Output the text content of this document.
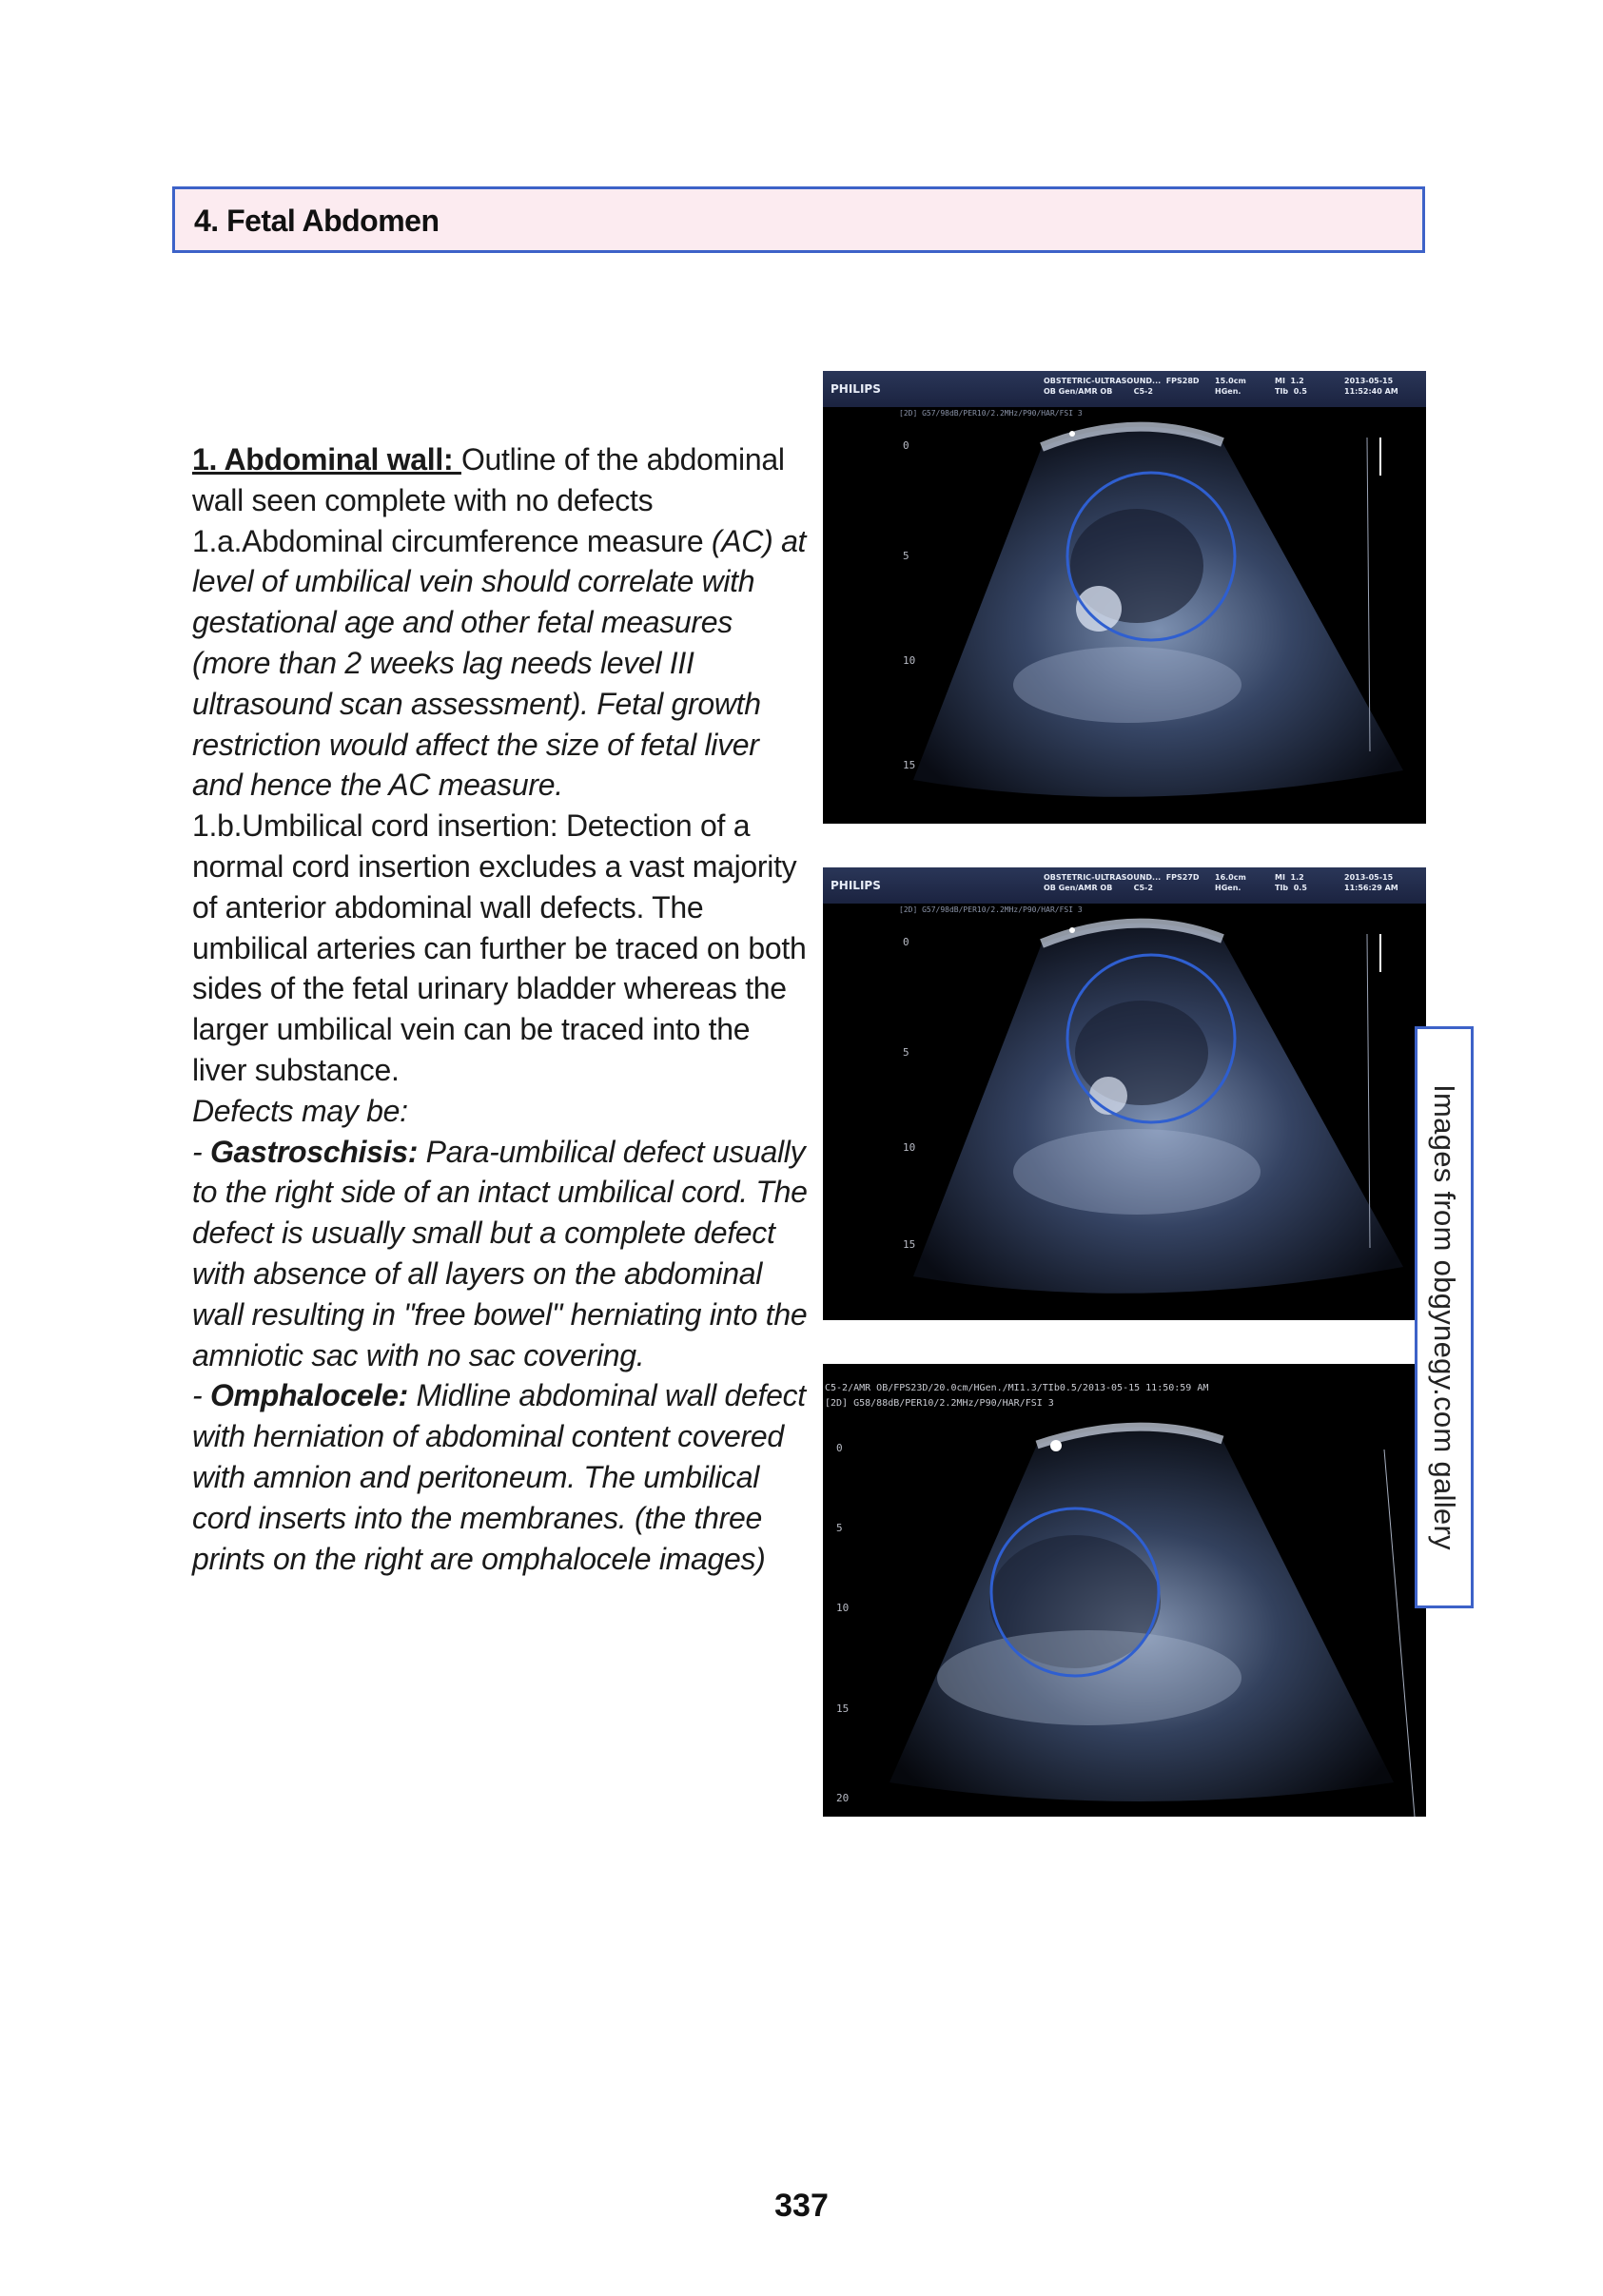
4. Fetal Abdomen

1. Abdominal wall: Outline of the abdominal wall seen complete with no defects

1.a.Abdominal circumference measure (AC) at level of umbilical vein should correlate with gestational age and other fetal measures (more than 2 weeks lag needs level III ultrasound scan assessment). Fetal growth restriction would affect the size of fetal liver and hence the AC measure.

1.b.Umbilical cord insertion: Detection of a normal cord insertion excludes a vast majority of anterior abdominal wall defects. The umbilical arteries can further be traced on both sides of the fetal urinary bladder whereas the larger umbilical vein can be traced into the liver substance.

Defects may be:

- Gastroschisis: Para-umbilical defect usually to the right side of an intact umbilical cord. The defect is usually small but a complete defect with absence of all layers on the abdominal wall resulting in "free bowel" herniating into the amniotic sac with no sac covering.

- Omphalocele: Midline abdominal wall defect with herniation of abdominal content covered with amnion and peritoneum. The umbilical cord inserts into the membranes. (the three prints on the right are omphalocele images)

PHILIPS
OBSTETRIC-ULTRASOUND...  FPS28D
OB Gen/AMR OB        C5-2
15.0cm
HGen.
MI  1.2
TIb  0.5
2013-05-15
11:52:40 AM
[2D] G57/98dB/PER10/2.2MHz/P90/HAR/FSI 3
0
5
10
15
PHILIPS
OBSTETRIC-ULTRASOUND...  FPS27D
OB Gen/AMR OB        C5-2
16.0cm
HGen.
MI  1.2
TIb  0.5
2013-05-15
11:56:29 AM
[2D] G57/98dB/PER10/2.2MHz/P90/HAR/FSI 3
0
5
10
15
C5-2/AMR OB/FPS23D/20.0cm/HGen./MI1.3/TIb0.5/2013-05-15 11:50:59 AM
[2D] G58/88dB/PER10/2.2MHz/P90/HAR/FSI 3
0
5
10
15
20
Images from obgynegy.com gallery
337
